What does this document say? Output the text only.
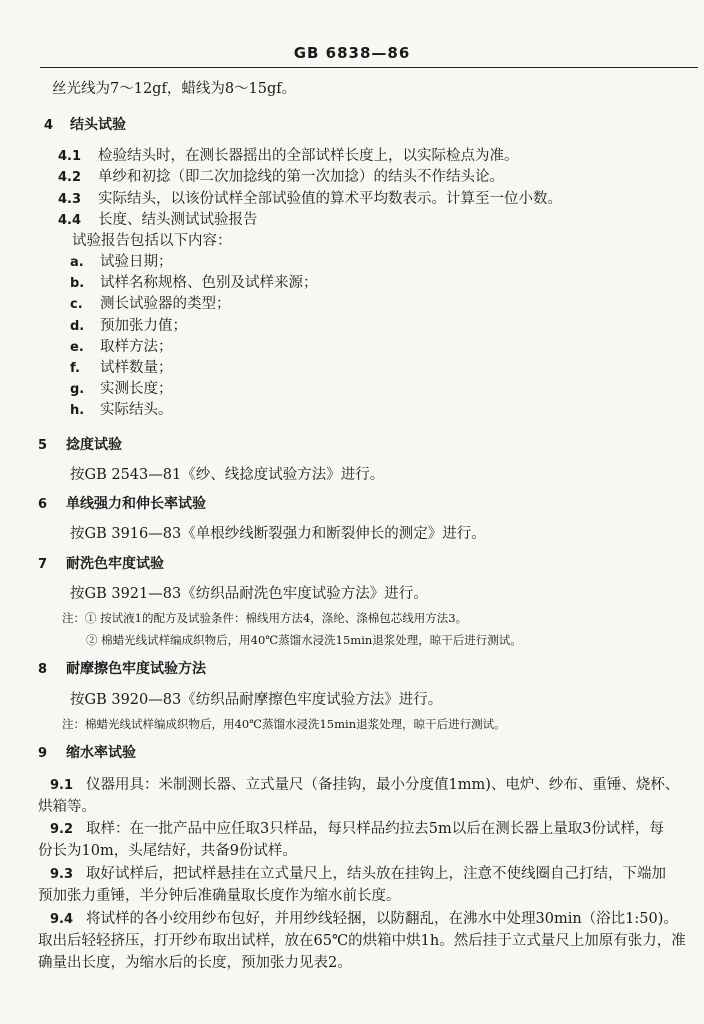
GB 6838—86
丝光线为7～12gf，蜡线为8～15gf。
4 结头试验
4.1 检验结头时，在测长器摇出的全部试样长度上，以实际检点为准。
4.2 单纱和初捻（即二次加捻线的第一次加捻）的结头不作结头论。
4.3 实际结头，以该份试样全部试验值的算术平均数表示。计算至一位小数。
4.4 长度、结头测试试验报告
试验报告包括以下内容：
a. 试验日期；
b. 试样名称规格、色别及试样来源；
c. 测长试验器的类型；
d. 预加张力值；
e. 取样方法；
f. 试样数量；
g. 实测长度；
h. 实际结头。
5 捻度试验
按GB 2543—81《纱、线捻度试验方法》进行。
6 单线强力和伸长率试验
按GB 3916—83《单根纱线断裂强力和断裂伸长的测定》进行。
7 耐洗色牢度试验
按GB 3921—83《纺织品耐洗色牢度试验方法》进行。
注：① 按试液1的配方及试验条件：棉线用方法4，涤纶、涤棉包芯线用方法3。
② 棉蜡光线试样编成织物后，用40℃蒸馏水浸洗15min退浆处理，晾干后进行测试。
8 耐摩擦色牢度试验方法
按GB 3920—83《纺织品耐摩擦色牢度试验方法》进行。
注：棉蜡光线试样编成织物后，用40℃蒸馏水浸洗15min退浆处理，晾干后进行测试。
9 缩水率试验
9.1 仪器用具：米制测长器、立式量尺（备挂钩，最小分度值1mm)、电炉、纱布、重锤、烧杯、
烘箱等。
9.2 取样：在一批产品中应任取3只样品，每只样品约拉去5m以后在测长器上量取3份试样，每
份长为10m，头尾结好，共备9份试样。
9.3 取好试样后，把试样悬挂在立式量尺上，结头放在挂钩上，注意不使线圈自己打结，下端加
预加张力重锤，半分钟后准确量取长度作为缩水前长度。
9.4 将试样的各小绞用纱布包好，并用纱线轻捆，以防翻乱，在沸水中处理30min（浴比1:50)。
取出后轻轻挤压，打开纱布取出试样，放在65℃的烘箱中烘1h。然后挂于立式量尺上加原有张力，准
确量出长度，为缩水后的长度，预加张力见表2。
